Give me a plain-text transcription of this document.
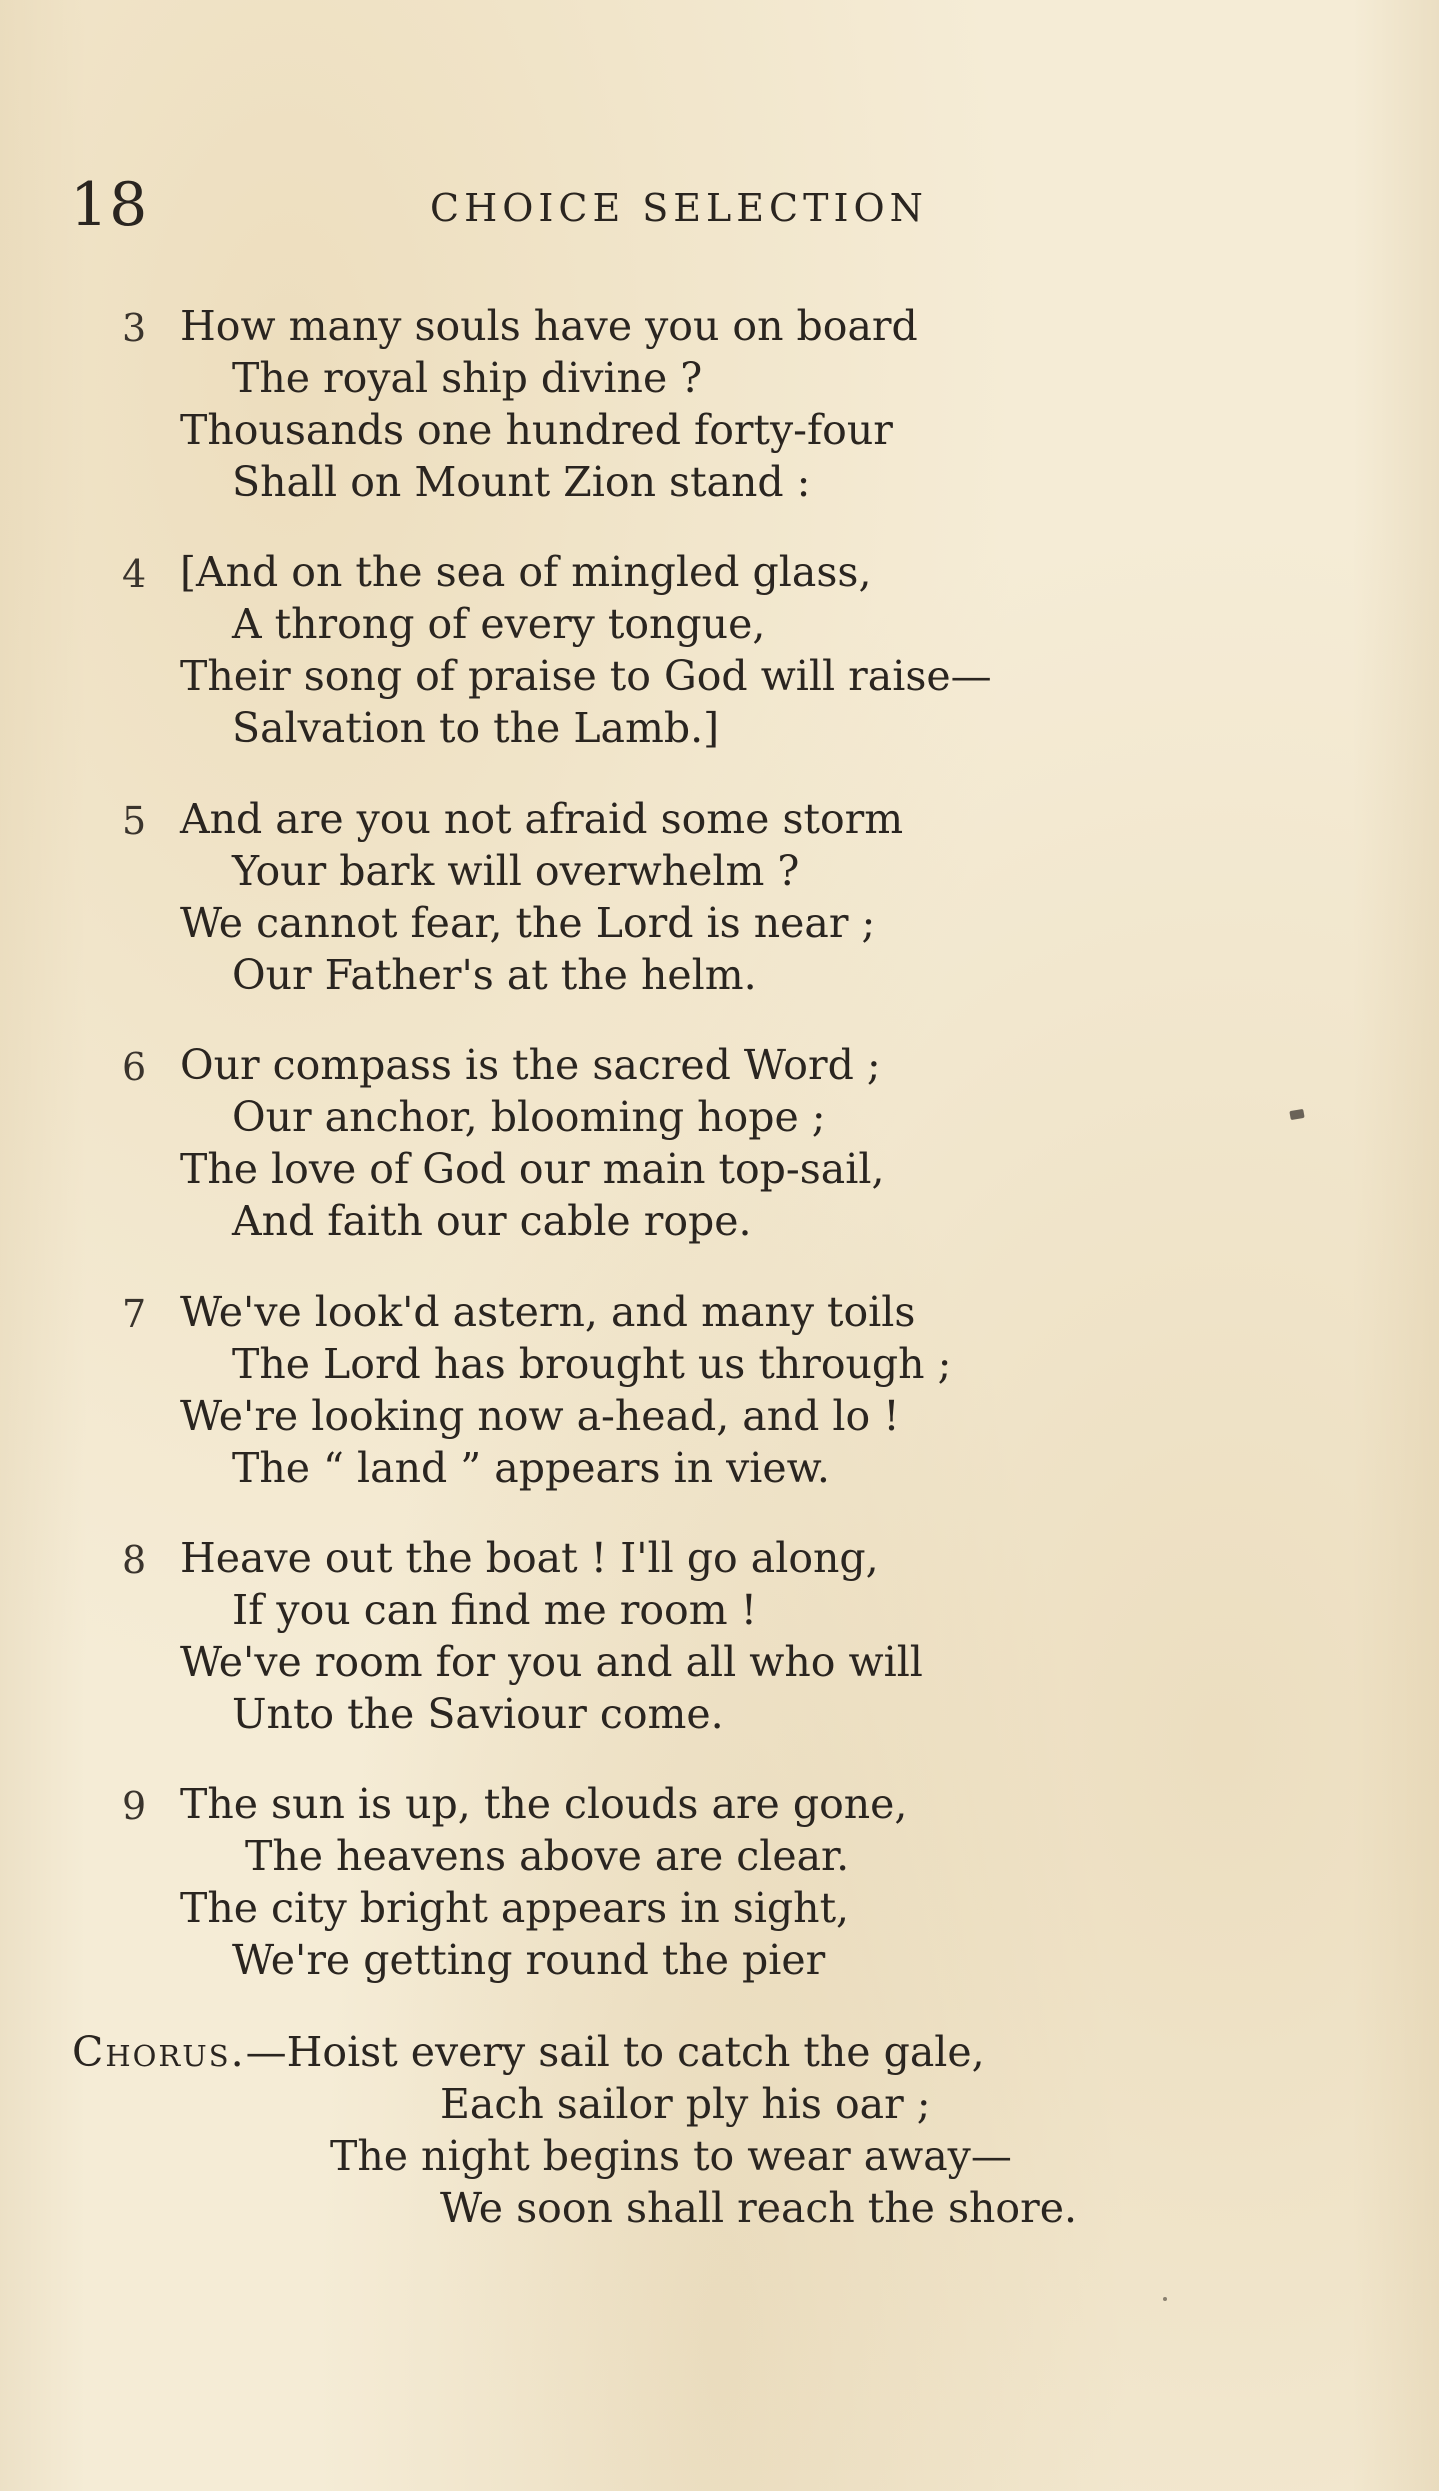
18	CHOICE SELECTION
3 How many souls have you on board
The royal ship divine ?
Thousands one hundred forty-four
Shall on Mount Zion stand :
4 [And on the sea of mingled glass,
A throng of every tongue,
Their song of praise to God will raise—
Salvation to the Lamb.]
5 And are you not afraid some storm
Your bark will overwhelm ?
We cannot fear, the Lord is near ;
Our Father's at the helm.
6 Our compass is the sacred Word ;
Our anchor, blooming hope ;
The love of God our main top-sail,
And faith our cable rope.
7 We've look'd astern, and many toils
The Lord has brought us through ;
We're looking now a-head, and lo !
The “ land ” appears in view.
8 Heave out the boat ! I'll go along,
If you can find me room !
We've room for you and all who will
Unto the Saviour come.
9 The sun is up, the clouds are gone,
The heavens above are clear.
The city bright appears in sight,
We're getting round the pier
Chorus.—Hoist every sail to catch the gale,
Each sailor ply his oar ;
The night begins to wear away—
We soon shall reach the shore.
